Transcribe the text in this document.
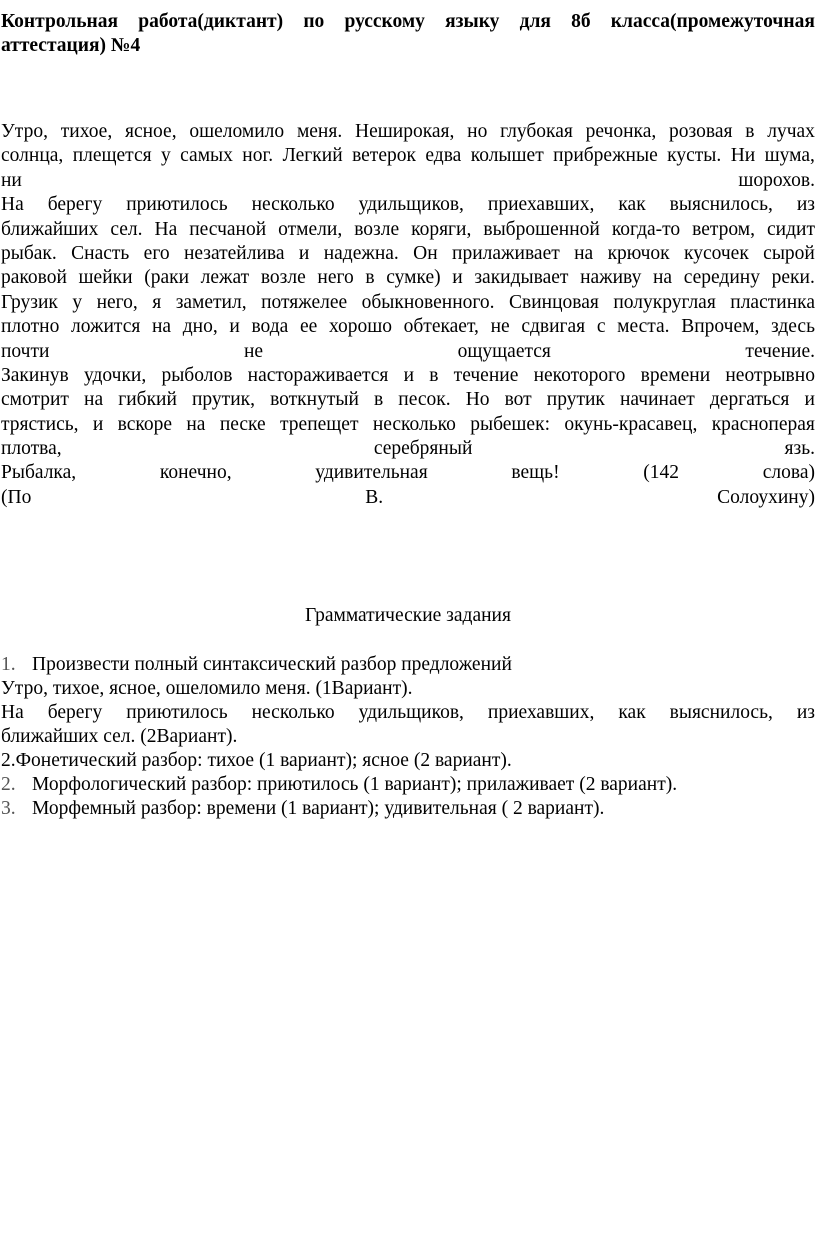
Контрольная работа(диктант) по русскому языку для 8б класса(промежуточная
аттестация) №4
Утро, тихое, ясное, ошеломило меня. Неширокая, но глубокая речонка, розовая в лучах
солнца, плещется у самых ног. Легкий ветерок едва колышет прибрежные кусты. Ни шума,
ни	шорохов.
На берегу приютилось несколько удильщиков, приехавших, как выяснилось, из
ближайших сел. На песчаной отмели, возле коряги, выброшенной когда-то ветром, сидит
рыбак. Снасть его незатейлива и надежна. Он прилаживает на крючок кусочек сырой
раковой шейки (раки лежат возле него в сумке) и закидывает наживу на середину реки.
Грузик у него, я заметил, потяжелее обыкновенного. Свинцовая полукруглая пластинка
плотно ложится на дно, и вода ее хорошо обтекает, не сдвигая с места. Впрочем, здесь
почти	не	ощущается	течение.
Закинув удочки, рыболов настораживается и в течение некоторого времени неотрывно
смотрит на гибкий прутик, воткнутый в песок. Но вот прутик начинает дергаться и
трястись, и вскоре на песке трепещет несколько рыбешек: окунь-красавец, красноперая
плотва,	серебряный	язь.
Рыбалка,	конечно,	удивительная	вещь!	(142	слова)
(По	В.	Солоухину)
Грамматические задания
1. Произвести полный синтаксический разбор предложений
Утро, тихое, ясное, ошеломило меня. (1Вариант).
На берегу приютилось несколько удильщиков, приехавших, как выяснилось, из
ближайших сел. (2Вариант).
2.Фонетический разбор: тихое (1 вариант); ясное (2 вариант).
2. Морфологический разбор: приютилось (1 вариант); прилаживает (2 вариант).
3. Морфемный разбор: времени (1 вариант); удивительная ( 2 вариант).
